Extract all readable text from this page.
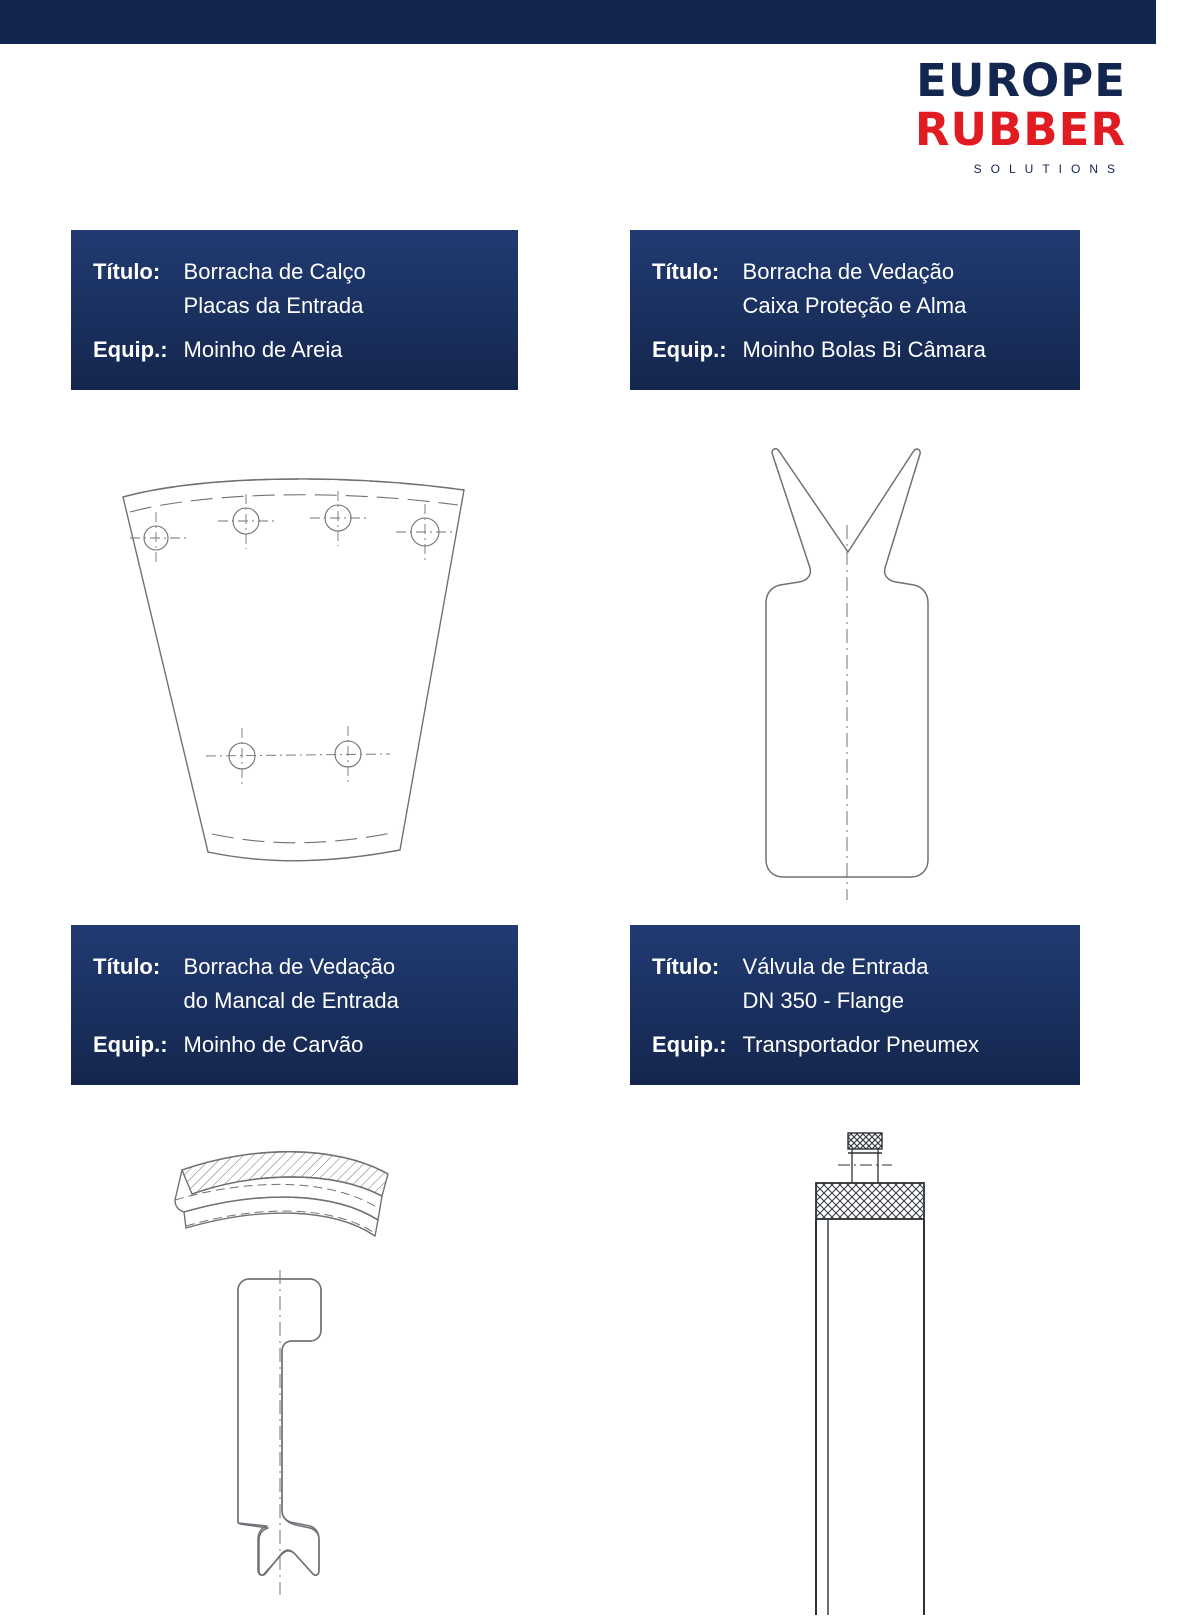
EUROPE
RUBBER
SOLUTIONS
Título:	Borracha de Calço
Placas da Entrada
Equip.: Moinho de Areia
Título:	Borracha de Vedação
Caixa Proteção e Alma
Equip.: Moinho Bolas Bi Câmara
Título:	Borracha de Vedação
do Mancal de Entrada
Equip.: Moinho de Carvão
Título:	Válvula de Entrada
DN 350 - Flange
Equip.: Transportador Pneumex
